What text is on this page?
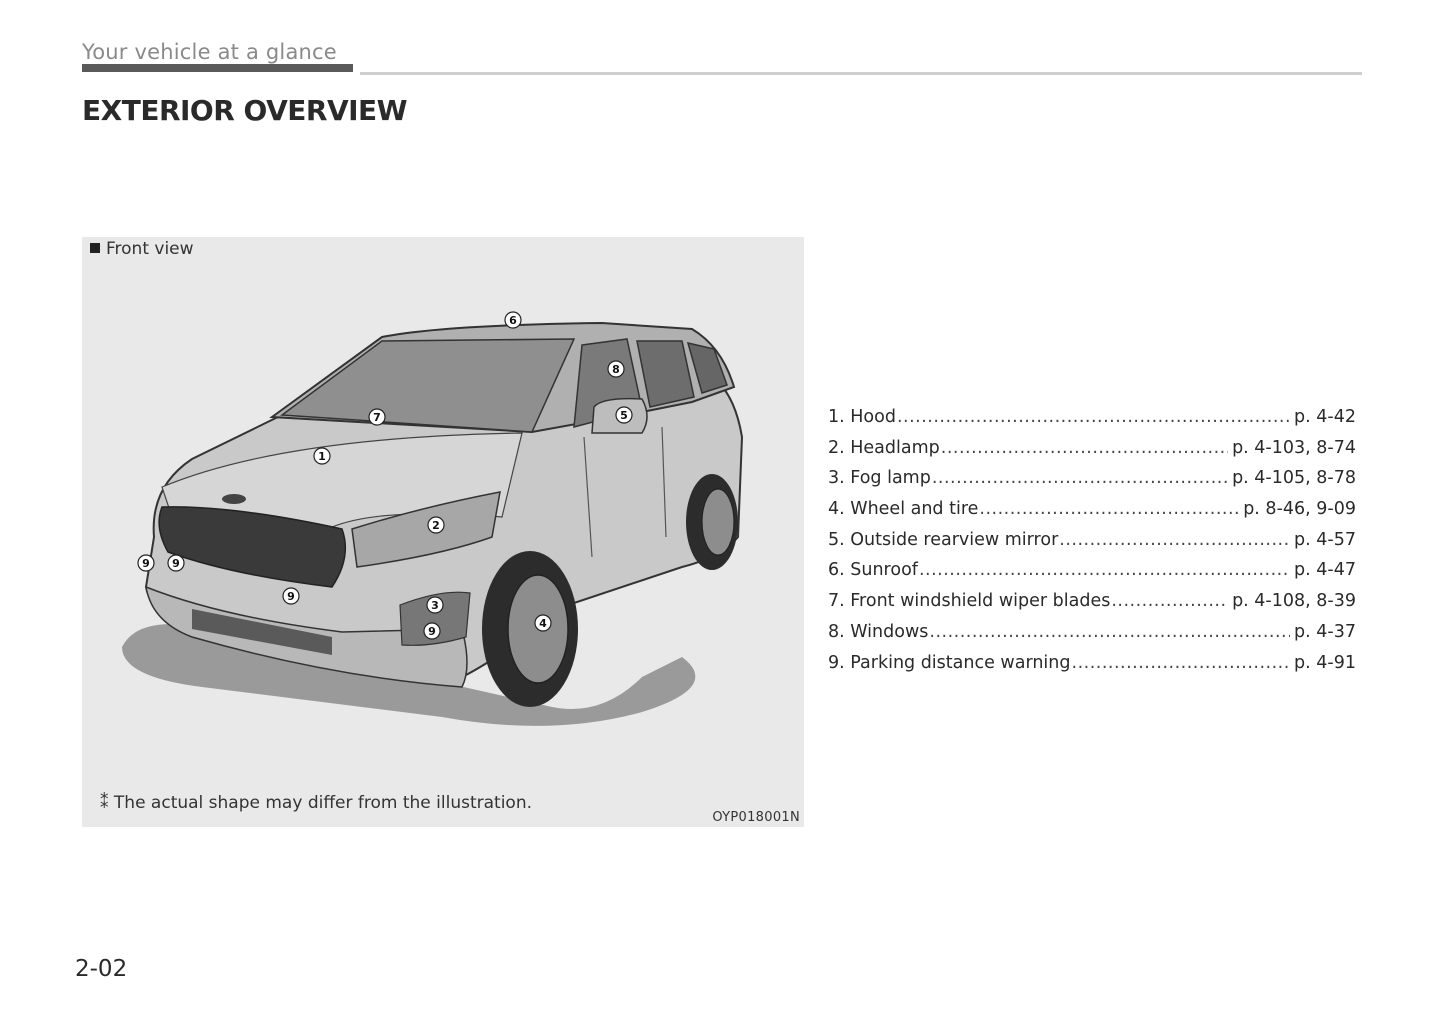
Your vehicle at a glance
EXTERIOR OVERVIEW
1
2
3
4
5
6
7
8
9 9
9
9
Front view
⁑ The actual shape may differ from the illustration.
OYP018001N
1. Hood .....	p. 4-42
2. Headlamp .....	p. 4-103, 8-74
3. Fog lamp .....	p. 4-105, 8-78
4. Wheel and tire .....	p. 8-46, 9-09
5. Outside rearview mirror .....	p. 4-57
6. Sunroof .....	p. 4-47
7. Front windshield wiper blades .....	p. 4-108, 8-39
8. Windows .....	p. 4-37
9. Parking distance warning .....	p. 4-91
2-02
